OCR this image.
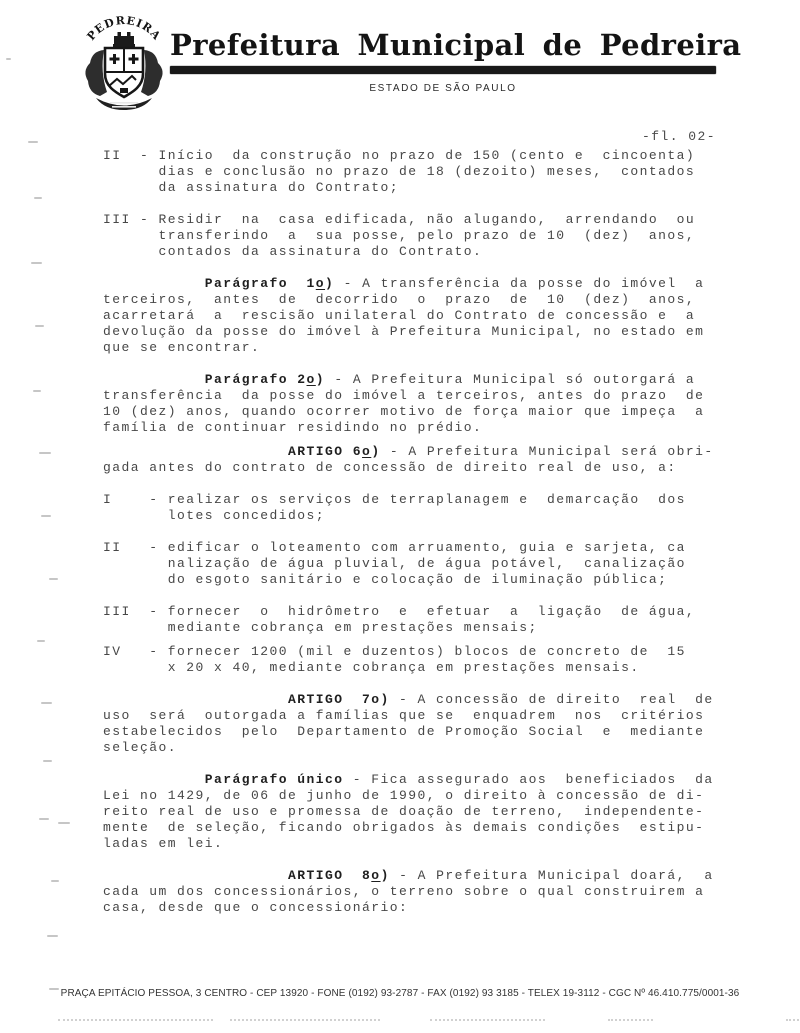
PEDREIRA Prefeitura Municipal de Pedreira
ESTADO DE SÃO PAULO
-fl. 02-
II  - Início  da construção no prazo de 150 (cento e  cincoenta)
dias e conclusão no prazo de 18 (dezoito) meses,  contados
da assinatura do Contrato;
III - Residir  na  casa edificada, não alugando,  arrendando  ou
transferindo  a  sua posse, pelo prazo de 10  (dez)  anos,
contados da assinatura do Contrato.
Parágrafo  1o) - A transferência da posse do imóvel  a
terceiros,  antes  de  decorrido  o  prazo  de  10  (dez)  anos,
acarretará  a  rescisão unilateral do Contrato de concessão e  a
devolução da posse do imóvel à Prefeitura Municipal, no estado em
que se encontrar.
Parágrafo 2o) - A Prefeitura Municipal só outorgará a
transferência  da posse do imóvel a terceiros, antes do prazo  de
10 (dez) anos, quando ocorrer motivo de força maior que impeça  a
família de continuar residindo no prédio.
ARTIGO 6o) - A Prefeitura Municipal será obri-
gada antes do contrato de concessão de direito real de uso, a:
I    - realizar os serviços de terraplanagem e  demarcação  dos
lotes concedidos;
II   - edificar o loteamento com arruamento, guia e sarjeta, ca
nalização de água pluvial, de água potável,  canalização
do esgoto sanitário e colocação de iluminação pública;
III  - fornecer  o  hidrômetro  e  efetuar  a  ligação  de água,
mediante cobrança em prestações mensais;
IV   - fornecer 1200 (mil e duzentos) blocos de concreto de  15
x 20 x 40, mediante cobrança em prestações mensais.
ARTIGO  7o) - A concessão de direito  real  de
uso  será  outorgada a famílias que se  enquadrem  nos  critérios
estabelecidos  pelo  Departamento de Promoção Social  e  mediante
seleção.
Parágrafo único - Fica assegurado aos  beneficiados  da
Lei no 1429, de 06 de junho de 1990, o direito à concessão de di-
reito real de uso e promessa de doação de terreno,  independente-
mente  de seleção, ficando obrigados às demais condições  estipu-
ladas em lei.
ARTIGO  8o) - A Prefeitura Municipal doará,  a
cada um dos concessionários, o terreno sobre o qual construirem a
casa, desde que o concessionário:
PRAÇA EPITÁCIO PESSOA, 3 CENTRO - CEP 13920 - FONE (0192) 93-2787 - FAX (0192) 93 3185 - TELEX 19-3112 - CGC Nº 46.410.775/0001-36
